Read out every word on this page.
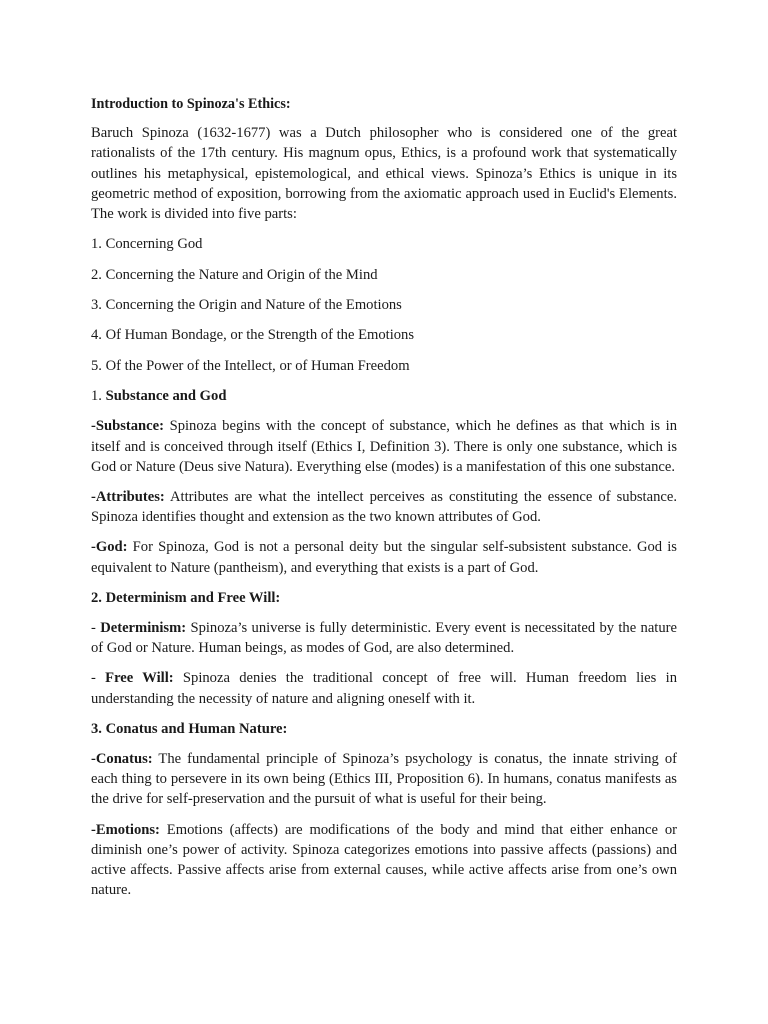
Introduction to Spinoza's Ethics:

Baruch Spinoza (1632-1677) was a Dutch philosopher who is considered one of the great rationalists of the 17th century. His magnum opus, Ethics, is a profound work that systematically outlines his metaphysical, epistemological, and ethical views. Spinoza’s Ethics is unique in its geometric method of exposition, borrowing from the axiomatic approach used in Euclid's Elements. The work is divided into five parts:

1. Concerning God

2. Concerning the Nature and Origin of the Mind

3. Concerning the Origin and Nature of the Emotions

4. Of Human Bondage, or the Strength of the Emotions

5. Of the Power of the Intellect, or of Human Freedom

1. Substance and God

-Substance: Spinoza begins with the concept of substance, which he defines as that which is in itself and is conceived through itself (Ethics I, Definition 3). There is only one substance, which is God or Nature (Deus sive Natura). Everything else (modes) is a manifestation of this one substance.

-Attributes: Attributes are what the intellect perceives as constituting the essence of substance. Spinoza identifies thought and extension as the two known attributes of God.

-God: For Spinoza, God is not a personal deity but the singular self-subsistent substance. God is equivalent to Nature (pantheism), and everything that exists is a part of God.

2. Determinism and Free Will:

- Determinism: Spinoza’s universe is fully deterministic. Every event is necessitated by the nature of God or Nature. Human beings, as modes of God, are also determined.

- Free Will: Spinoza denies the traditional concept of free will. Human freedom lies in understanding the necessity of nature and aligning oneself with it.

3. Conatus and Human Nature:

-Conatus: The fundamental principle of Spinoza’s psychology is conatus, the innate striving of each thing to persevere in its own being (Ethics III, Proposition 6). In humans, conatus manifests as the drive for self-preservation and the pursuit of what is useful for their being.

-Emotions: Emotions (affects) are modifications of the body and mind that either enhance or diminish one’s power of activity. Spinoza categorizes emotions into passive affects (passions) and active affects. Passive affects arise from external causes, while active affects arise from one’s own nature.
